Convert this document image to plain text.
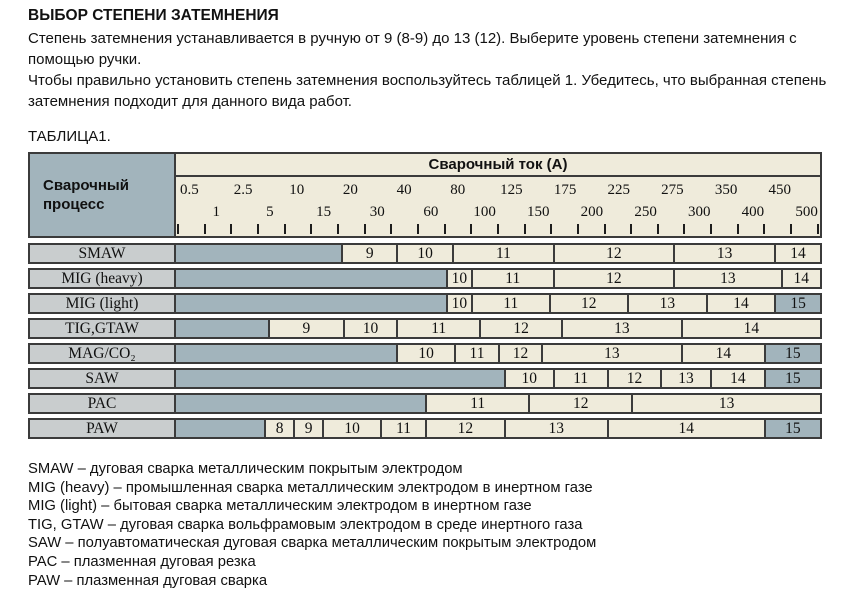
ВЫБОР СТЕПЕНИ ЗАТЕМНЕНИЯ
Степень затемнения устанавливается в ручную от 9 (8-9) до 13 (12). Выберите уровень степени затемнения с помощью ручки.
Чтобы правильно установить степень затемнения воспользуйтесь таблицей 1. Убедитесь, что выбранная степень затемнения подходит для данного вида работ.
ТАБЛИЦА1.
Сварочный процесс
Сварочный ток (А)
0.5 2.5	10	20	40	80	125 175 225 275 350 450
1	5	15	30	60	100 150 200 250 300 400 500
SMAW	9	10	11	12	13	14
MIG (heavy)	10	11	12	13	14
MIG (light)	10	11	12	13	14	15
TIG,GTAW	9	10	11	12	13	14
MAG/CO₂	10	11	12	13	14	15
SAW	10	11	12	13	14	15
PAC	11	12	13
PAW	8	9	10	11	12	13	14	15
SMAW – дуговая сварка металлическим покрытым электродом
MIG (heavy) – промышленная сварка металлическим электродом в инертном газе
MIG (light) – бытовая сварка металлическим электродом в инертном газе
TIG, GTAW – дуговая сварка вольфрамовым электродом в среде инертного газа
SAW – полуавтоматическая дуговая сварка металлическим покрытым электродом
PAC – плазменная дуговая резка
PAW – плазменная дуговая сварка
